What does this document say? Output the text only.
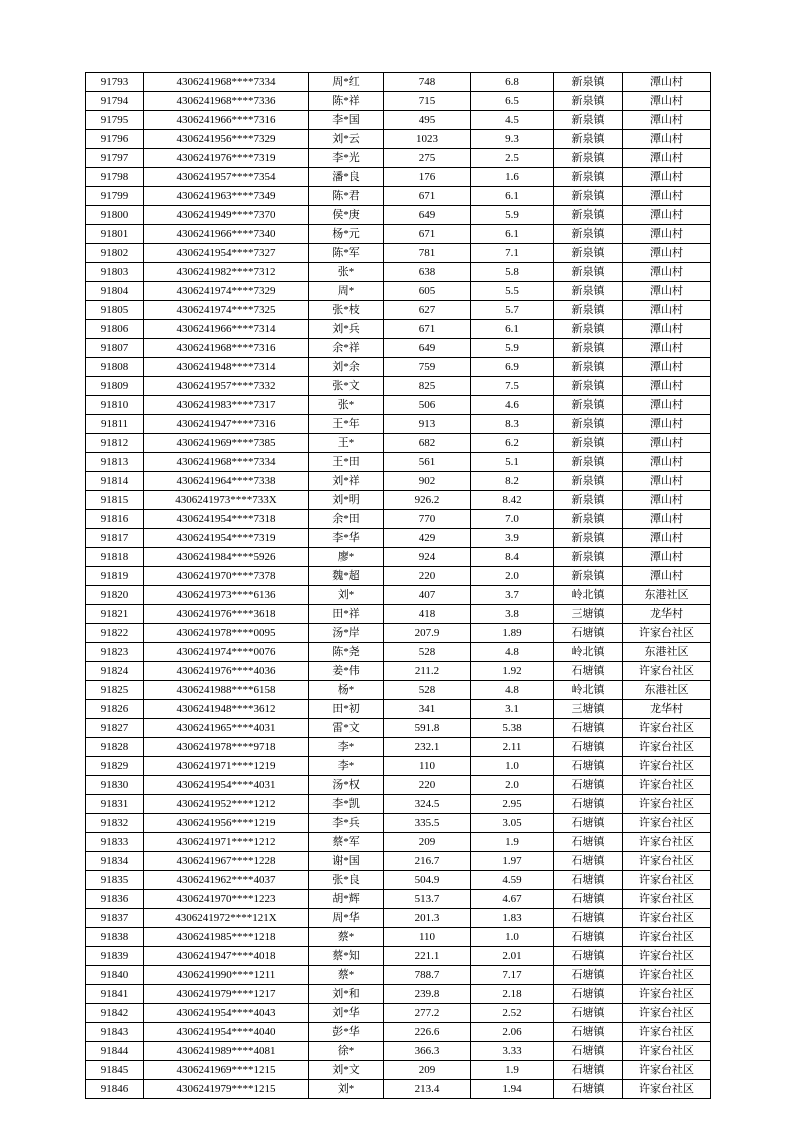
91793	4306241968****7334	周*红	748	6.8	新泉镇	潭山村
91794	4306241968****7336	陈*祥	715	6.5	新泉镇	潭山村
91795	4306241966****7316	李*国	495	4.5	新泉镇	潭山村
91796	4306241956****7329	刘*云	1023	9.3	新泉镇	潭山村
91797	4306241976****7319	李*光	275	2.5	新泉镇	潭山村
91798	4306241957****7354	潘*良	176	1.6	新泉镇	潭山村
91799	4306241963****7349	陈*君	671	6.1	新泉镇	潭山村
91800	4306241949****7370	侯*庚	649	5.9	新泉镇	潭山村
91801	4306241966****7340	杨*元	671	6.1	新泉镇	潭山村
91802	4306241954****7327	陈*军	781	7.1	新泉镇	潭山村
91803	4306241982****7312	张*	638	5.8	新泉镇	潭山村
91804	4306241974****7329	周*	605	5.5	新泉镇	潭山村
91805	4306241974****7325	张*枝	627	5.7	新泉镇	潭山村
91806	4306241966****7314	刘*兵	671	6.1	新泉镇	潭山村
91807	4306241968****7316	余*祥	649	5.9	新泉镇	潭山村
91808	4306241948****7314	刘*余	759	6.9	新泉镇	潭山村
91809	4306241957****7332	张*文	825	7.5	新泉镇	潭山村
91810	4306241983****7317	张*	506	4.6	新泉镇	潭山村
91811	4306241947****7316	王*年	913	8.3	新泉镇	潭山村
91812	4306241969****7385	王*	682	6.2	新泉镇	潭山村
91813	4306241968****7334	王*田	561	5.1	新泉镇	潭山村
91814	4306241964****7338	刘*祥	902	8.2	新泉镇	潭山村
91815	4306241973****733X	刘*明	926.2	8.42	新泉镇	潭山村
91816	4306241954****7318	余*田	770	7.0	新泉镇	潭山村
91817	4306241954****7319	李*华	429	3.9	新泉镇	潭山村
91818	4306241984****5926	廖*	924	8.4	新泉镇	潭山村
91819	4306241970****7378	魏*超	220	2.0	新泉镇	潭山村
91820	4306241973****6136	刘*	407	3.7	岭北镇	东港社区
91821	4306241976****3618	田*祥	418	3.8	三塘镇	龙华村
91822	4306241978****0095	汤*岸	207.9	1.89	石塘镇	许家台社区
91823	4306241974****0076	陈*尧	528	4.8	岭北镇	东港社区
91824	4306241976****4036	姜*伟	211.2	1.92	石塘镇	许家台社区
91825	4306241988****6158	杨*	528	4.8	岭北镇	东港社区
91826	4306241948****3612	田*初	341	3.1	三塘镇	龙华村
91827	4306241965****4031	雷*文	591.8	5.38	石塘镇	许家台社区
91828	4306241978****9718	李*	232.1	2.11	石塘镇	许家台社区
91829	4306241971****1219	李*	110	1.0	石塘镇	许家台社区
91830	4306241954****4031	汤*权	220	2.0	石塘镇	许家台社区
91831	4306241952****1212	李*凯	324.5	2.95	石塘镇	许家台社区
91832	4306241956****1219	李*兵	335.5	3.05	石塘镇	许家台社区
91833	4306241971****1212	蔡*军	209	1.9	石塘镇	许家台社区
91834	4306241967****1228	谢*国	216.7	1.97	石塘镇	许家台社区
91835	4306241962****4037	张*良	504.9	4.59	石塘镇	许家台社区
91836	4306241970****1223	胡*辉	513.7	4.67	石塘镇	许家台社区
91837	4306241972****121X	周*华	201.3	1.83	石塘镇	许家台社区
91838	4306241985****1218	蔡*	110	1.0	石塘镇	许家台社区
91839	4306241947****4018	蔡*知	221.1	2.01	石塘镇	许家台社区
91840	4306241990****1211	蔡*	788.7	7.17	石塘镇	许家台社区
91841	4306241979****1217	刘*和	239.8	2.18	石塘镇	许家台社区
91842	4306241954****4043	刘*华	277.2	2.52	石塘镇	许家台社区
91843	4306241954****4040	彭*华	226.6	2.06	石塘镇	许家台社区
91844	4306241989****4081	徐*	366.3	3.33	石塘镇	许家台社区
91845	4306241969****1215	刘*文	209	1.9	石塘镇	许家台社区
91846	4306241979****1215	刘*	213.4	1.94	石塘镇	许家台社区
